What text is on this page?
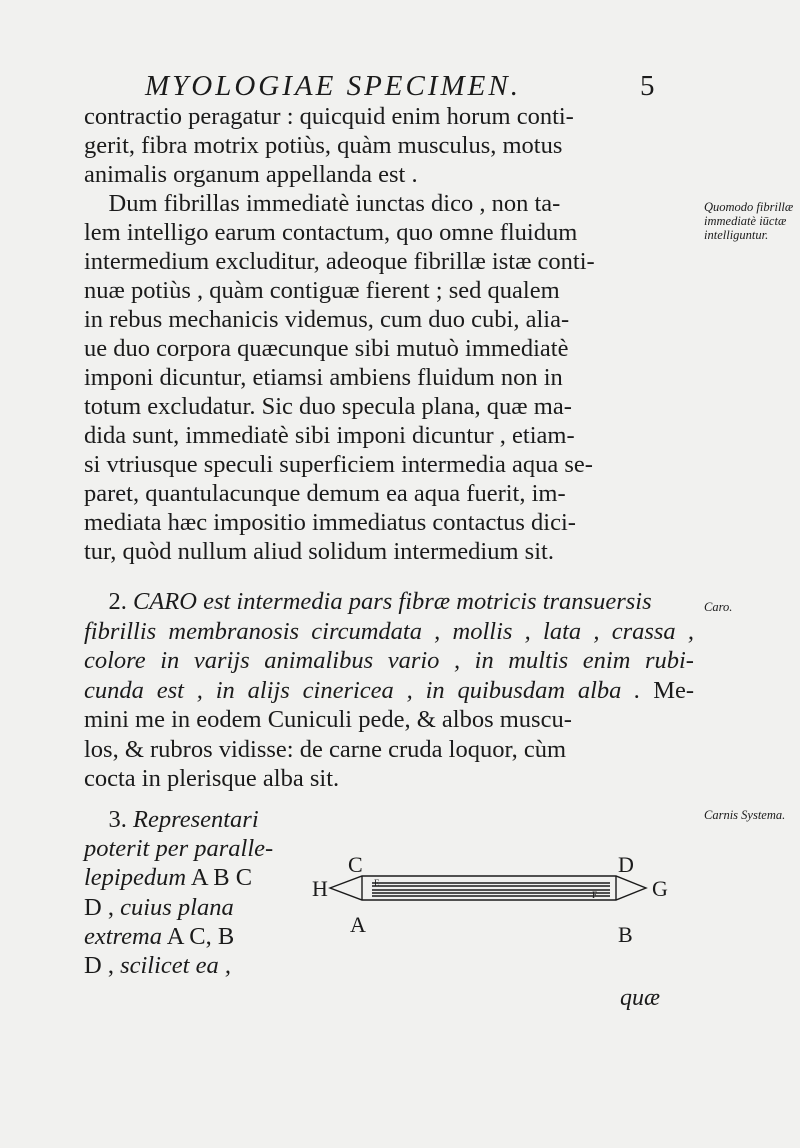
MYOLOGIAE SPECIMEN.	5
contractio peragatur : quicquid enim horum conti-
gerit, fibra motrix potiùs, quàm musculus, motus
animalis organum appellanda est .
Dum fibrillas immediatè iunctas dico , non ta-
lem intelligo earum contactum, quo omne fluidum
intermedium excluditur, adeoque fibrillæ istæ conti-
nuæ potiùs , quàm contiguæ fierent ; sed qualem
in rebus mechanicis videmus, cum duo cubi, alia-
ue duo corpora quæcunque sibi mutuò immediatè
imponi dicuntur, etiamsi ambiens fluidum non in
totum excludatur. Sic duo specula plana, quæ ma-
dida sunt, immediatè sibi imponi dicuntur , etiam-
si vtriusque speculi superficiem intermedia aqua se-
paret, quantulacunque demum ea aqua fuerit, im-
mediata hæc impositio immediatus contactus dici-
tur, quòd nullum aliud solidum intermedium sit.
2. CARO est intermedia pars fibræ motricis transuersis
fibrillis membranosis circumdata , mollis , lata , crassa ,
colore in varijs animalibus vario , in multis enim rubi-
cunda est , in alijs cinericea , in quibusdam alba . Me-
mini me in eodem Cuniculi pede, & albos muscu-
los, & rubros vidisse: de carne cruda loquor, cùm
cocta in plerisque alba sit.
3. Representari
poterit per paralle-
lepipedum A B C
D , cuius plana
extrema A C, B
D , scilicet ea ,
Quomodo fibrillæ immediatè iūctæ intelliguntur.
Caro.
Carnis Systema.
C	D
H	G
A	B
E
F
quæ
